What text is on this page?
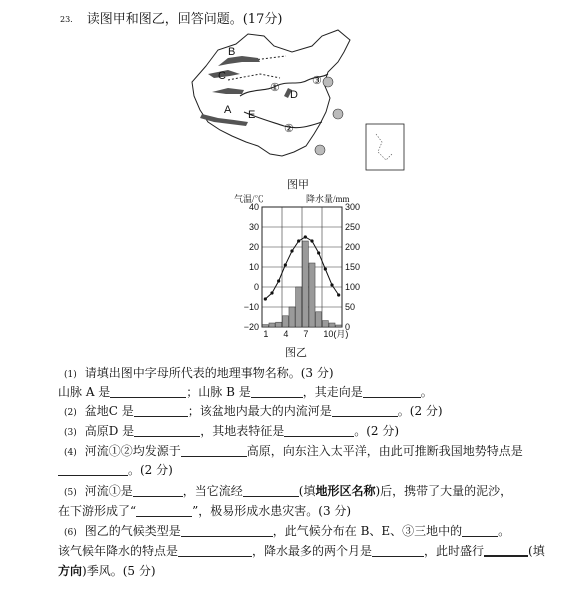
23. 读图甲和图乙，回答问题。(17分)
B
C
D
A E
①
②
③
图甲
气温/℃	降水量/mm
40	300
30	250
20	200
10	150
0	100
−10	50
−20	0
1 4 7 10(月)
图乙
(1) 请填出图中字母所代表的地理事物名称。(3 分)
山脉 A 是	；山脉 B 是	，其走向是	。
(2) 盆地C 是	；该盆地内最大的内流河是	。(2 分)
(3) 高原D 是	，其地表特征是	。(2 分)
(4) 河流①②均发源于	高原，向东注入太平洋，由此可推断我国地势特点是
。(2 分)
(5) 河流①是	，当它流经	(填地形区名称)后，携带了大量的泥沙，
在下游形成了“	”，极易形成水患灾害。(3 分)
(6) 图乙的气候类型是	，此气候分布在 B、E、③三地中的	。
该气候年降水的特点是	，降水最多的两个月是	，此时盛行	(填
方向)季风。(5 分)
